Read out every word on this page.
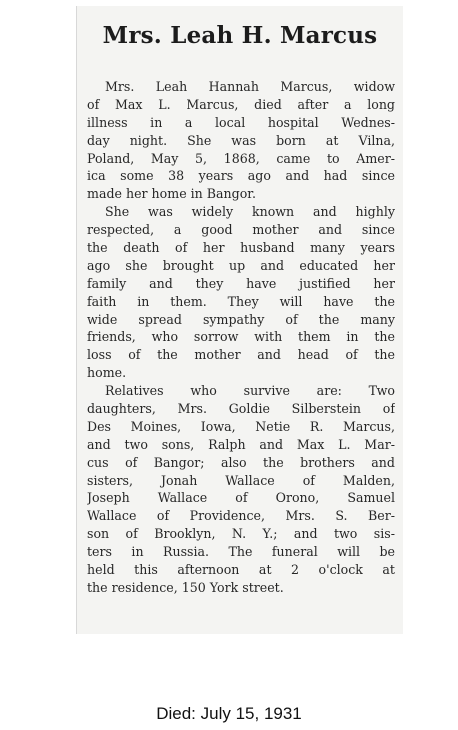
Mrs. Leah H. Marcus
Mrs. Leah Hannah Marcus, widow
of Max L. Marcus, died after a long
illness in a local hospital Wednes-
day night. She was born at Vilna,
Poland, May 5, 1868, came to Amer-
ica some 38 years ago and had since
made her home in Bangor.
She was widely known and highly
respected, a good mother and since
the death of her husband many years
ago she brought up and educated her
family and they have justified her
faith in them. They will have the
wide spread sympathy of the many
friends, who sorrow with them in the
loss of the mother and head of the
home.
Relatives who survive are: Two
daughters, Mrs. Goldie Silberstein of
Des Moines, Iowa, Netie R. Marcus,
and two sons, Ralph and Max L. Mar-
cus of Bangor; also the brothers and
sisters, Jonah Wallace of Malden,
Joseph Wallace of Orono, Samuel
Wallace of Providence, Mrs. S. Ber-
son of Brooklyn, N. Y.; and two sis-
ters in Russia. The funeral will be
held this afternoon at 2 o'clock at
the residence, 150 York street.
Died: July 15, 1931
